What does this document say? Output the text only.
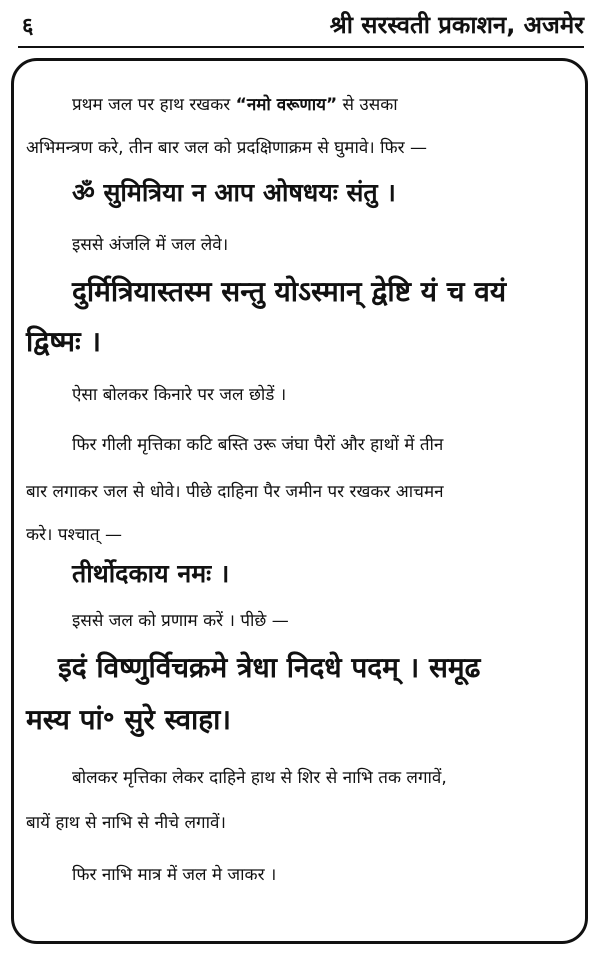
६	श्री सरस्वती प्रकाशन, अजमेर
प्रथम जल पर हाथ रखकर “नमो वरूणाय” से उसका
अभिमन्त्रण करे, तीन बार जल को प्रदक्षिणाक्रम से घुमावे। फिर —
ॐ सुमित्रिया न आप ओषधयः संतु ।
इससे अंजलि में जल लेवे।
दुर्मित्रियास्तस्म सन्तु योऽस्मान् द्वेष्टि यं च वयं
द्विष्मः ।
ऐसा बोलकर किनारे पर जल छोडें ।
फिर गीली मृत्तिका कटि बस्ति उरू जंघा पैरों और हाथों में तीन
बार लगाकर जल से धोवे। पीछे दाहिना पैर जमीन पर रखकर आचमन
करे। पश्चात् —
तीर्थोदकाय नमः ।
इससे जल को प्रणाम करें । पीछे —
इदं विष्णुर्विचक्रमे त्रेधा निदधे पदम् । समूढ
मस्य पां॰ सुरे स्वाहा।
बोलकर मृत्तिका लेकर दाहिने हाथ से शिर से नाभि तक लगावें,
बायें हाथ से नाभि से नीचे लगावें।
फिर नाभि मात्र में जल मे जाकर ।
